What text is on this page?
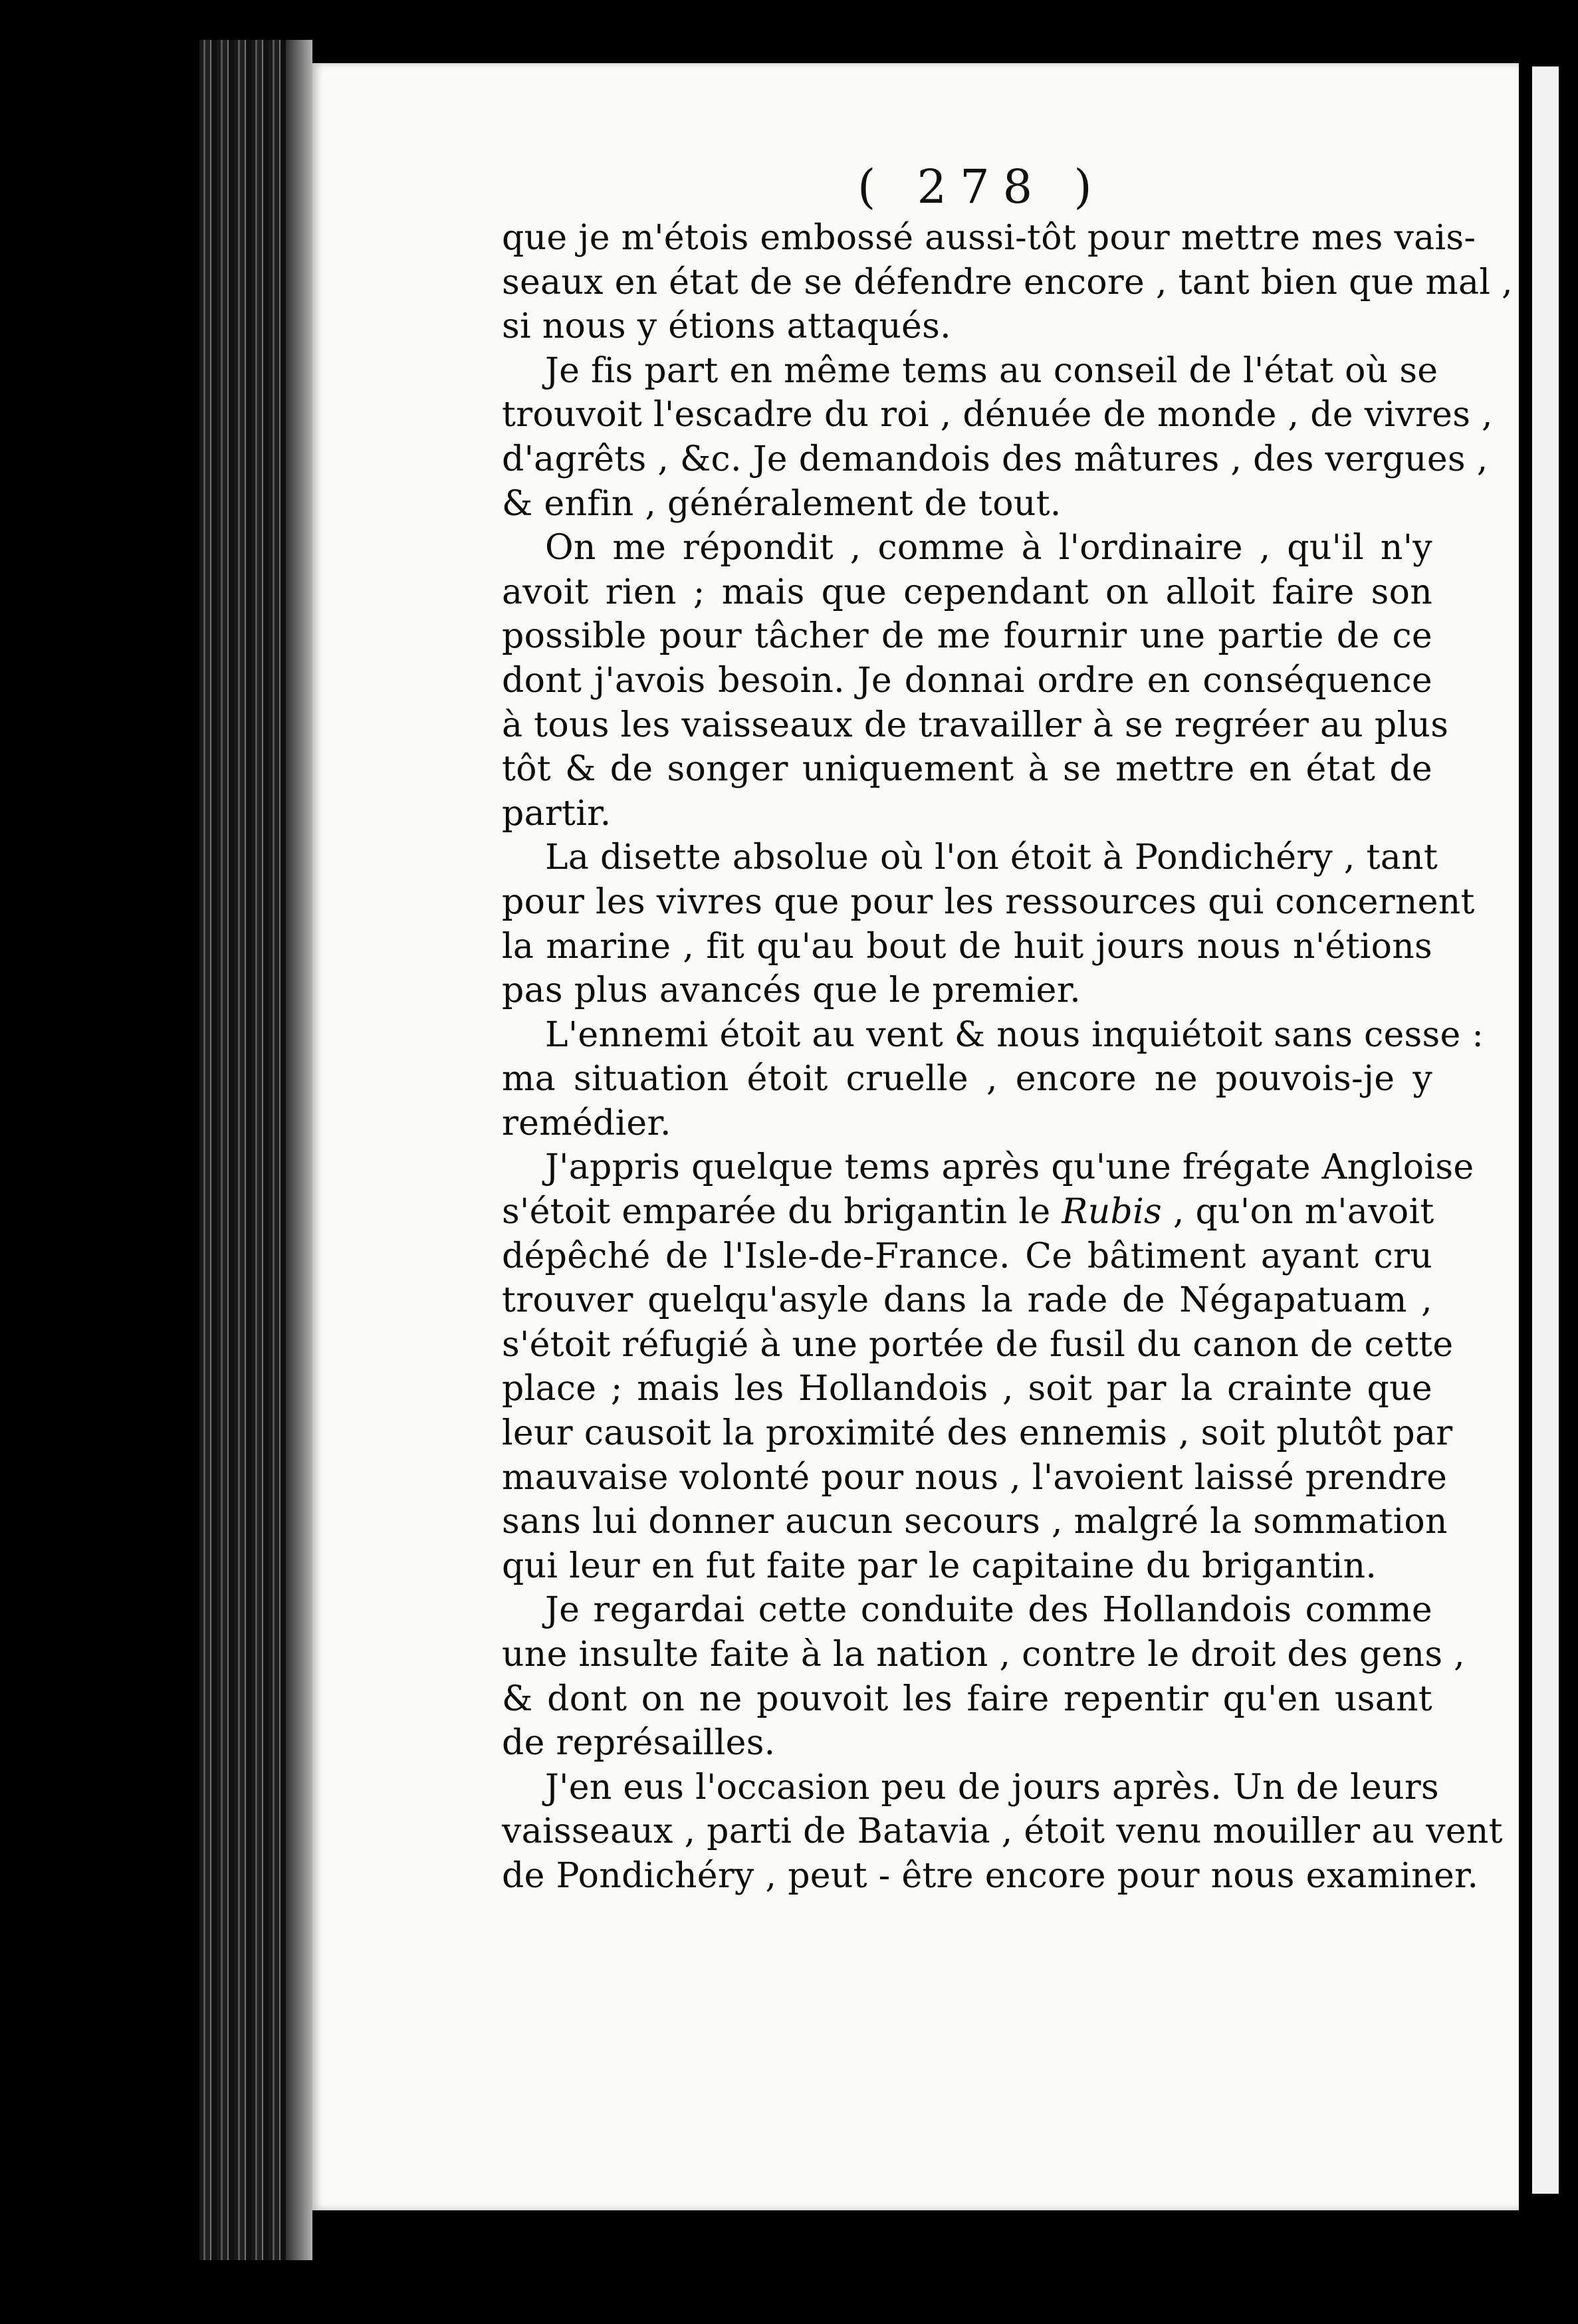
( 278 )

que je m'étois embossé aussi-tôt pour mettre mes vais-
seaux en état de se défendre encore , tant bien que mal ,
si nous y étions attaqués.

Je fis part en même tems au conseil de l'état où se
trouvoit l'escadre du roi , dénuée de monde , de vivres ,
d'agrêts , &c. Je demandois des mâtures , des vergues ,
& enfin , généralement de tout.

On me répondit , comme à l'ordinaire , qu'il n'y
avoit rien ; mais que cependant on alloit faire son
possible pour tâcher de me fournir une partie de ce
dont j'avois besoin. Je donnai ordre en conséquence
à tous les vaisseaux de travailler à se regréer au plus
tôt & de songer uniquement à se mettre en état de
partir.

La disette absolue où l'on étoit à Pondichéry , tant
pour les vivres que pour les ressources qui concernent
la marine , fit qu'au bout de huit jours nous n'étions
pas plus avancés que le premier.

L'ennemi étoit au vent & nous inquiétoit sans cesse :
ma situation étoit cruelle , encore ne pouvois-je y
remédier.

J'appris quelque tems après qu'une frégate Angloise
s'étoit emparée du brigantin le Rubis , qu'on m'avoit
dépêché de l'Isle-de-France. Ce bâtiment ayant cru
trouver quelqu'asyle dans la rade de Négapatuam ,
s'étoit réfugié à une portée de fusil du canon de cette
place ; mais les Hollandois , soit par la crainte que
leur causoit la proximité des ennemis , soit plutôt par
mauvaise volonté pour nous , l'avoient laissé prendre
sans lui donner aucun secours , malgré la sommation
qui leur en fut faite par le capitaine du brigantin.

Je regardai cette conduite des Hollandois comme
une insulte faite à la nation , contre le droit des gens ,
& dont on ne pouvoit les faire repentir qu'en usant
de représailles.

J'en eus l'occasion peu de jours après. Un de leurs
vaisseaux , parti de Batavia , étoit venu mouiller au vent
de Pondichéry , peut - être encore pour nous examiner.
